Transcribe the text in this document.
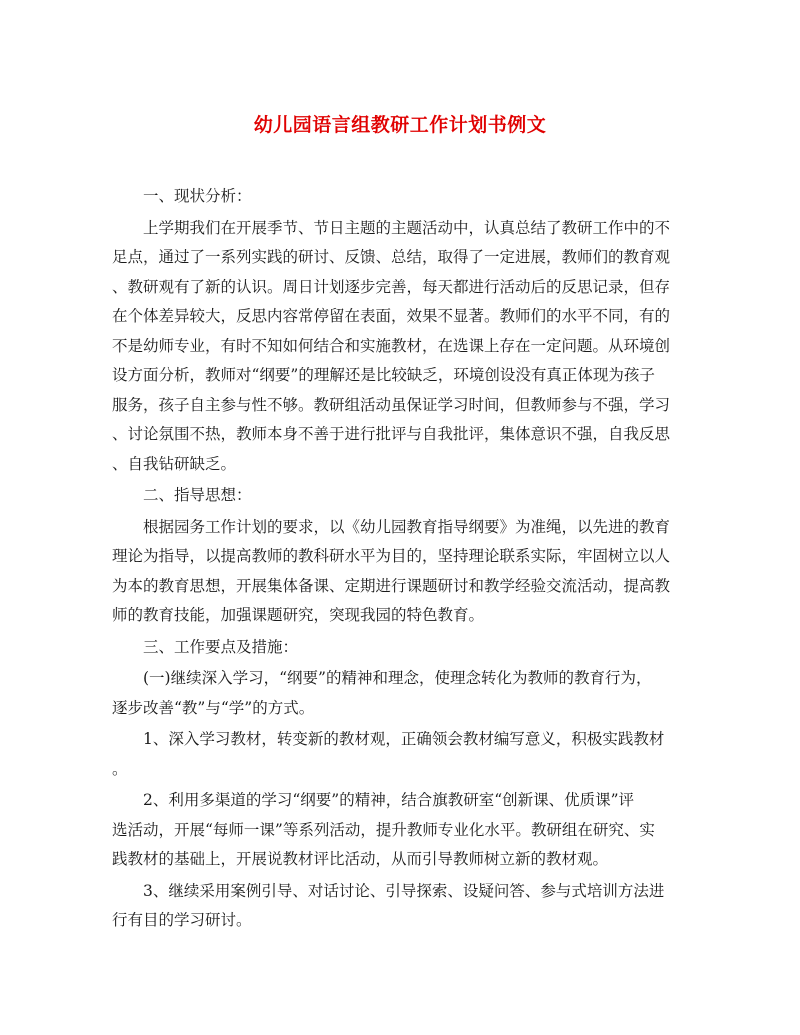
幼儿园语言组教研工作计划书例文
一、现状分析：
上学期我们在开展季节、节日主题的主题活动中，认真总结了教研工作中的不
足点，通过了一系列实践的研讨、反馈、总结，取得了一定进展，教师们的教育观
、教研观有了新的认识。周日计划逐步完善，每天都进行活动后的反思记录，但存
在个体差异较大，反思内容常停留在表面，效果不显著。教师们的水平不同，有的
不是幼师专业，有时不知如何结合和实施教材，在选课上存在一定问题。从环境创
设方面分析，教师对“纲要”的理解还是比较缺乏，环境创设没有真正体现为孩子
服务，孩子自主参与性不够。教研组活动虽保证学习时间，但教师参与不强，学习
、讨论氛围不热，教师本身不善于进行批评与自我批评，集体意识不强，自我反思
、自我钻研缺乏。
二、指导思想：
根据园务工作计划的要求，以《幼儿园教育指导纲要》为准绳，以先进的教育
理论为指导，以提高教师的教科研水平为目的，坚持理论联系实际，牢固树立以人
为本的教育思想，开展集体备课、定期进行课题研讨和教学经验交流活动，提高教
师的教育技能，加强课题研究，突现我园的特色教育。
三、工作要点及措施：
(一)继续深入学习，“纲要”的精神和理念，使理念转化为教师的教育行为，
逐步改善“教”与“学”的方式。
1、深入学习教材，转变新的教材观，正确领会教材编写意义，积极实践教材
。
2、利用多渠道的学习“纲要”的精神，结合旗教研室“创新课、优质课”评
选活动，开展“每师一课”等系列活动，提升教师专业化水平。教研组在研究、实
践教材的基础上，开展说教材评比活动，从而引导教师树立新的教材观。
3、继续采用案例引导、对话讨论、引导探索、设疑问答、参与式培训方法进
行有目的学习研讨。
